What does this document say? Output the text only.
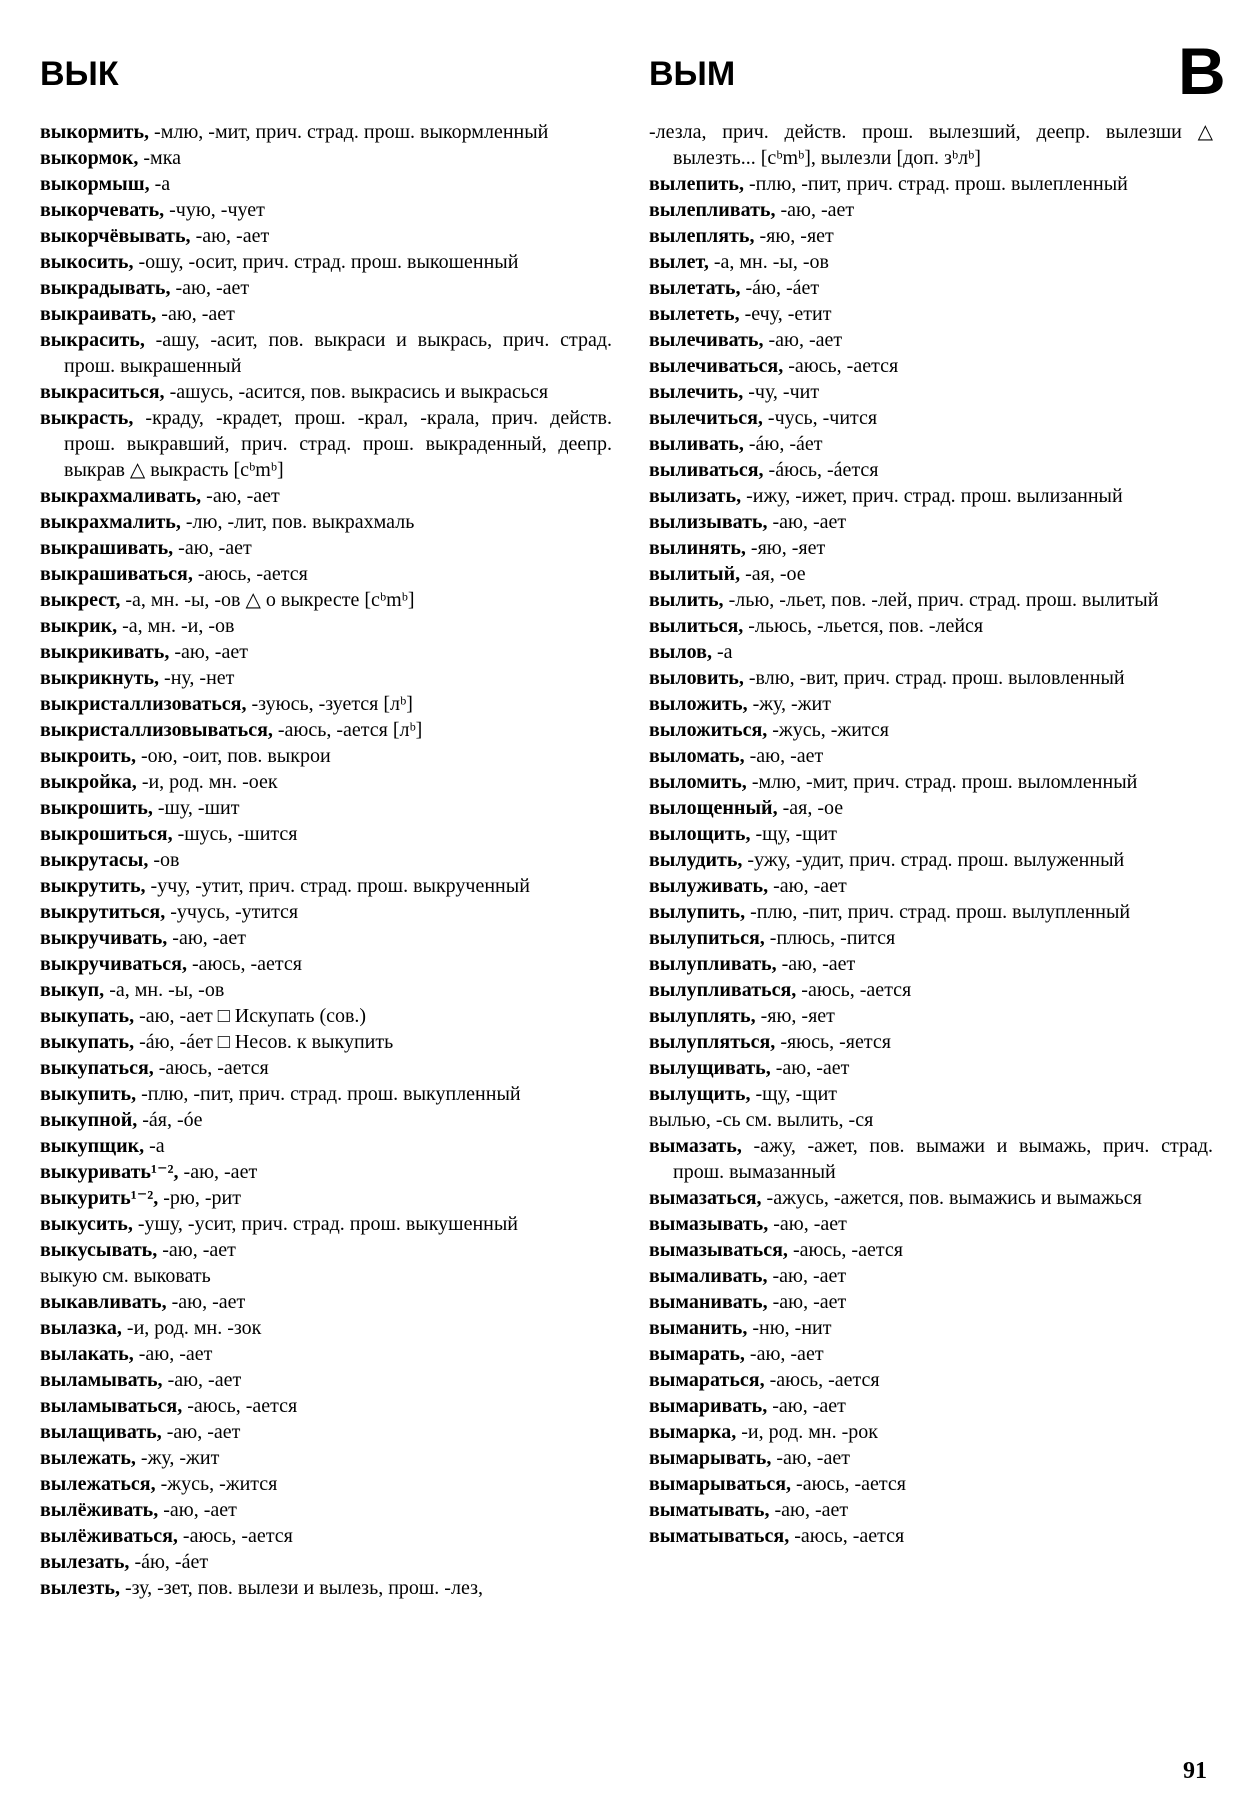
ВЫК	ВЫМ	В

выкормить, -млю, -мит, прич. страд. прош. выкормленный

выкормок, -мка

выкормыш, -а

выкорчевать, -чую, -чует

выкорчёвывать, -аю, -ает

выкосить, -ошу, -осит, прич. страд. прош. выкошенный

выкрадывать, -аю, -ает

выкраивать, -аю, -ает

выкрасить, -ашу, -асит, пов. выкраси и выкрась, прич. страд. прош. выкрашенный

выкраситься, -ашусь, -асится, пов. выкрасись и выкрасься

выкрасть, -краду, -крадет, прош. -крал, -крала, прич. действ. прош. выкравший, прич. страд. прош. выкраденный, деепр. выкрав △ выкрасть [cᵇmᵇ]

выкрахмаливать, -аю, -ает

выкрахмалить, -лю, -лит, пов. выкрахмаль

выкрашивать, -аю, -ает

выкрашиваться, -аюсь, -ается

выкрест, -а, мн. -ы, -ов △ о выкресте [cᵇmᵇ]

выкрик, -а, мн. -и, -ов

выкрикивать, -аю, -ает

выкрикнуть, -ну, -нет

выкристаллизоваться, -зуюсь, -зуется [лᵇ]

выкристаллизовываться, -аюсь, -ается [лᵇ]

выкроить, -ою, -оит, пов. выкрои

выкройка, -и, род. мн. -оек

выкрошить, -шу, -шит

выкрошиться, -шусь, -шится

выкрутасы, -ов

выкрутить, -учу, -утит, прич. страд. прош. выкрученный

выкрутиться, -учусь, -утится

выкручивать, -аю, -ает

выкручиваться, -аюсь, -ается

выкуп, -а, мн. -ы, -ов

выкупать, -аю, -ает □ Искупать (сов.)

выкупать, -áю, -áет □ Несов. к выкупить

выкупаться, -аюсь, -ается

выкупить, -плю, -пит, прич. страд. прош. выкупленный

выкупной, -áя, -óе

выкупщик, -а

выкуривать¹⁻², -аю, -ает

выкурить¹⁻², -рю, -рит

выкусить, -ушу, -усит, прич. страд. прош. выкушенный

выкусывать, -аю, -ает

выкую см. выковать

выкавливать, -аю, -ает

вылазка, -и, род. мн. -зок

вылакать, -аю, -ает

выламывать, -аю, -ает

выламываться, -аюсь, -ается

вылащивать, -аю, -ает

вылежать, -жу, -жит

вылежаться, -жусь, -жится

вылёживать, -аю, -ает

вылёживаться, -аюсь, -ается

вылезать, -áю, -áет

вылезть, -зу, -зет, пов. вылези и вылезь, прош. -лез,

-лезла, прич. действ. прош. вылезший, деепр. вылезши △ вылезть... [cᵇmᵇ], вылезли [доп. зᵇлᵇ]

вылепить, -плю, -пит, прич. страд. прош. вылепленный

вылепливать, -аю, -ает

вылеплять, -яю, -яет

вылет, -а, мн. -ы, -ов

вылетать, -áю, -áет

вылететь, -ечу, -етит

вылечивать, -аю, -ает

вылечиваться, -аюсь, -ается

вылечить, -чу, -чит

вылечиться, -чусь, -чится

выливать, -áю, -áет

выливаться, -áюсь, -áется

вылизать, -ижу, -ижет, прич. страд. прош. вылизанный

вылизывать, -аю, -ает

вылинять, -яю, -яет

вылитый, -ая, -ое

вылить, -лью, -льет, пов. -лей, прич. страд. прош. вылитый

вылиться, -льюсь, -льется, пов. -лейся

вылов, -а

выловить, -влю, -вит, прич. страд. прош. выловленный

выложить, -жу, -жит

выложиться, -жусь, -жится

выломать, -аю, -ает

выломить, -млю, -мит, прич. страд. прош. выломленный

вылощенный, -ая, -ое

вылощить, -щу, -щит

вылудить, -ужу, -удит, прич. страд. прош. вылуженный

вылуживать, -аю, -ает

вылупить, -плю, -пит, прич. страд. прош. вылупленный

вылупиться, -плюсь, -пится

вылупливать, -аю, -ает

вылупливаться, -аюсь, -ается

вылуплять, -яю, -яет

вылупляться, -яюсь, -яется

вылущивать, -аю, -ает

вылущить, -щу, -щит

вылью, -сь см. вылить, -ся

вымазать, -ажу, -ажет, пов. вымажи и вымажь, прич. страд. прош. вымазанный

вымазаться, -ажусь, -ажется, пов. вымажись и вымажься

вымазывать, -аю, -ает

вымазываться, -аюсь, -ается

вымаливать, -аю, -ает

выманивать, -аю, -ает

выманить, -ню, -нит

вымарать, -аю, -ает

вымараться, -аюсь, -ается

вымаривать, -аю, -ает

вымарка, -и, род. мн. -рок

вымарывать, -аю, -ает

вымарываться, -аюсь, -ается

выматывать, -аю, -ает

выматываться, -аюсь, -ается

91
